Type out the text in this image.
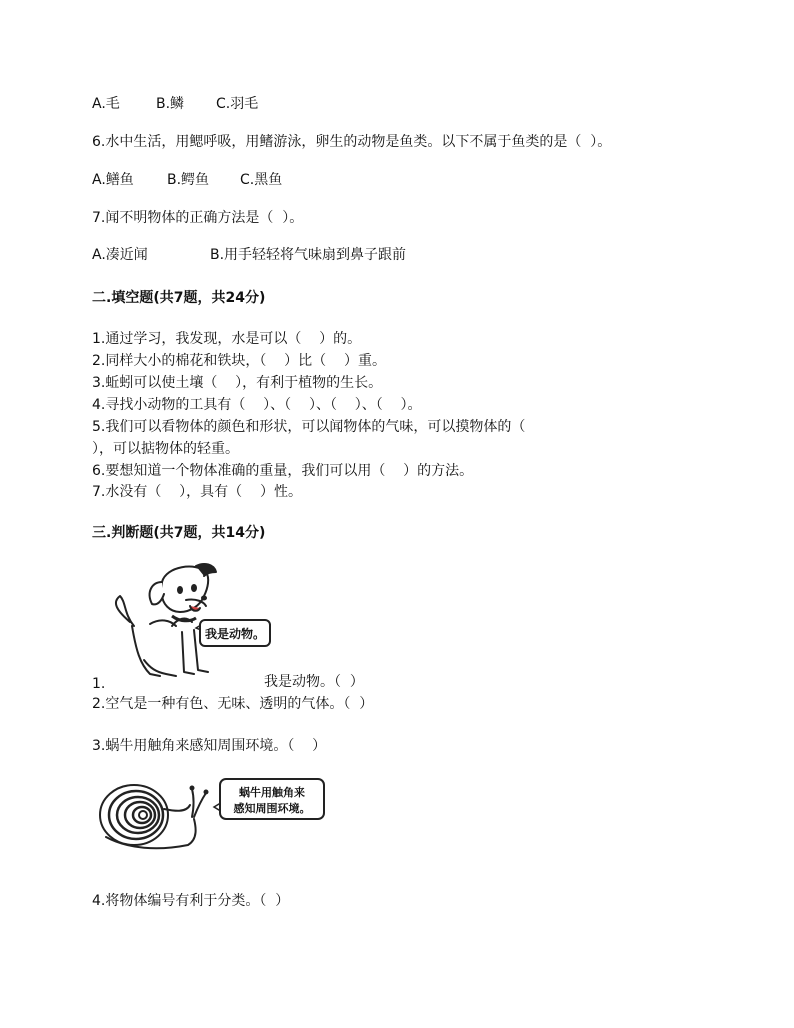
A.毛	B.鳞 C.羽毛
6.水中生活，用鳃呼吸，用鳍游泳，卵生的动物是鱼类。以下不属于鱼类的是（  ）。
A.鳝鱼 B.鳄鱼 C.黑鱼
7.闻不明物体的正确方法是（  ）。
A.凑近闻	B.用手轻轻将气味扇到鼻子跟前
二.填空题(共7题，共24分)
1.通过学习，我发现，水是可以（    ）的。
2.同样大小的棉花和铁块，（    ）比（    ）重。
3.蚯蚓可以使土壤（    ），有利于植物的生长。
4.寻找小动物的工具有（    ）、（    ）、（    ）、（    ）。
5.我们可以看物体的颜色和形状，可以闻物体的气味，可以摸物体的（
），可以掂物体的轻重。
6.要想知道一个物体准确的重量，我们可以用（    ）的方法。
7.水没有（    ），具有（    ）性。
三.判断题(共7题，共14分)
我是动物。
1.	我是动物。（  ）
2.空气是一种有色、无味、透明的气体。（  ）
3.蜗牛用触角来感知周围环境。（    ）
蜗牛用触角来
感知周围环境。
4.将物体编号有利于分类。（  ）
